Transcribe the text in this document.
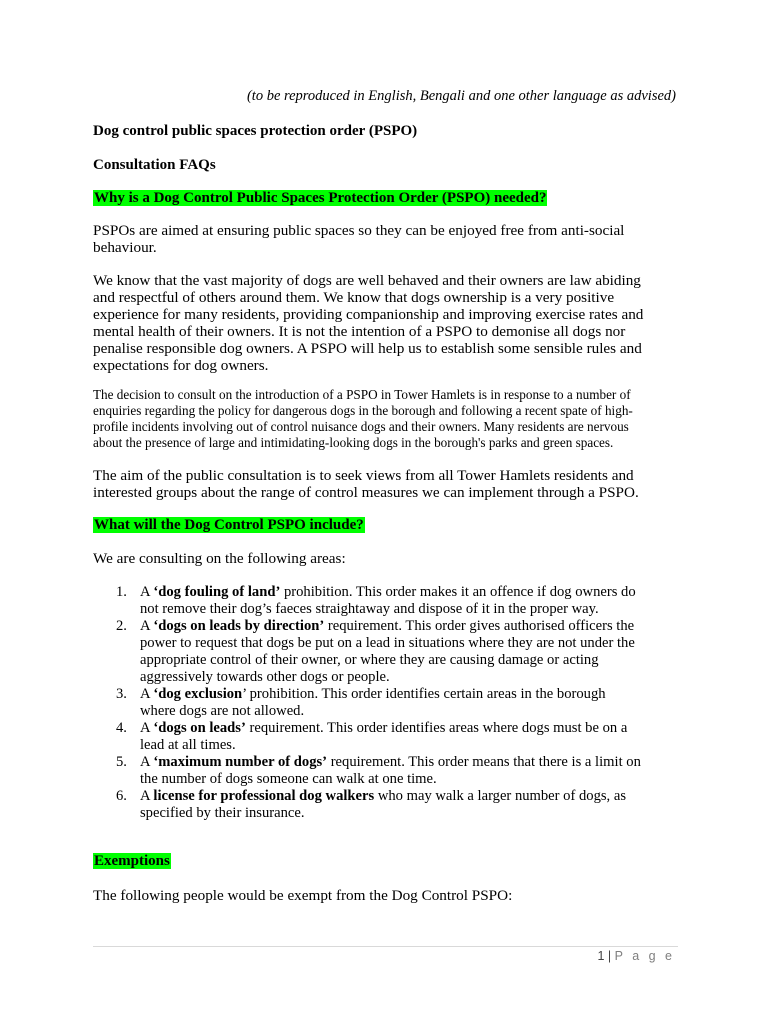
(to be reproduced in English, Bengali and one other language as advised)
Dog control public spaces protection order (PSPO)
Consultation FAQs
Why is a Dog Control Public Spaces Protection Order (PSPO) needed?
PSPOs are aimed at ensuring public spaces so they can be enjoyed free from anti-social
behaviour.
We know that the vast majority of dogs are well behaved and their owners are law abiding
and respectful of others around them. We know that dogs ownership is a very positive
experience for many residents, providing companionship and improving exercise rates and
mental health of their owners. It is not the intention of a PSPO to demonise all dogs nor
penalise responsible dog owners. A PSPO will help us to establish some sensible rules and
expectations for dog owners.
The decision to consult on the introduction of a PSPO in Tower Hamlets is in response to a number of
enquiries regarding the policy for dangerous dogs in the borough and following a recent spate of high-
profile incidents involving out of control nuisance dogs and their owners. Many residents are nervous
about the presence of large and intimidating-looking dogs in the borough's parks and green spaces.
The aim of the public consultation is to seek views from all Tower Hamlets residents and
interested groups about the range of control measures we can implement through a PSPO.
What will the Dog Control PSPO include?
We are consulting on the following areas:
1. A ‘dog fouling of land’ prohibition. This order makes it an offence if dog owners do
not remove their dog’s faeces straightaway and dispose of it in the proper way.
2. A ‘dogs on leads by direction’ requirement. This order gives authorised officers the
power to request that dogs be put on a lead in situations where they are not under the
appropriate control of their owner, or where they are causing damage or acting
aggressively towards other dogs or people.
3. A ‘dog exclusion’ prohibition. This order identifies certain areas in the borough
where dogs are not allowed.
4. A ‘dogs on leads’ requirement. This order identifies areas where dogs must be on a
lead at all times.
5. A ‘maximum number of dogs’ requirement. This order means that there is a limit on
the number of dogs someone can walk at one time.
6. A license for professional dog walkers who may walk a larger number of dogs, as
specified by their insurance.
Exemptions
The following people would be exempt from the Dog Control PSPO:
1 | P a g e
